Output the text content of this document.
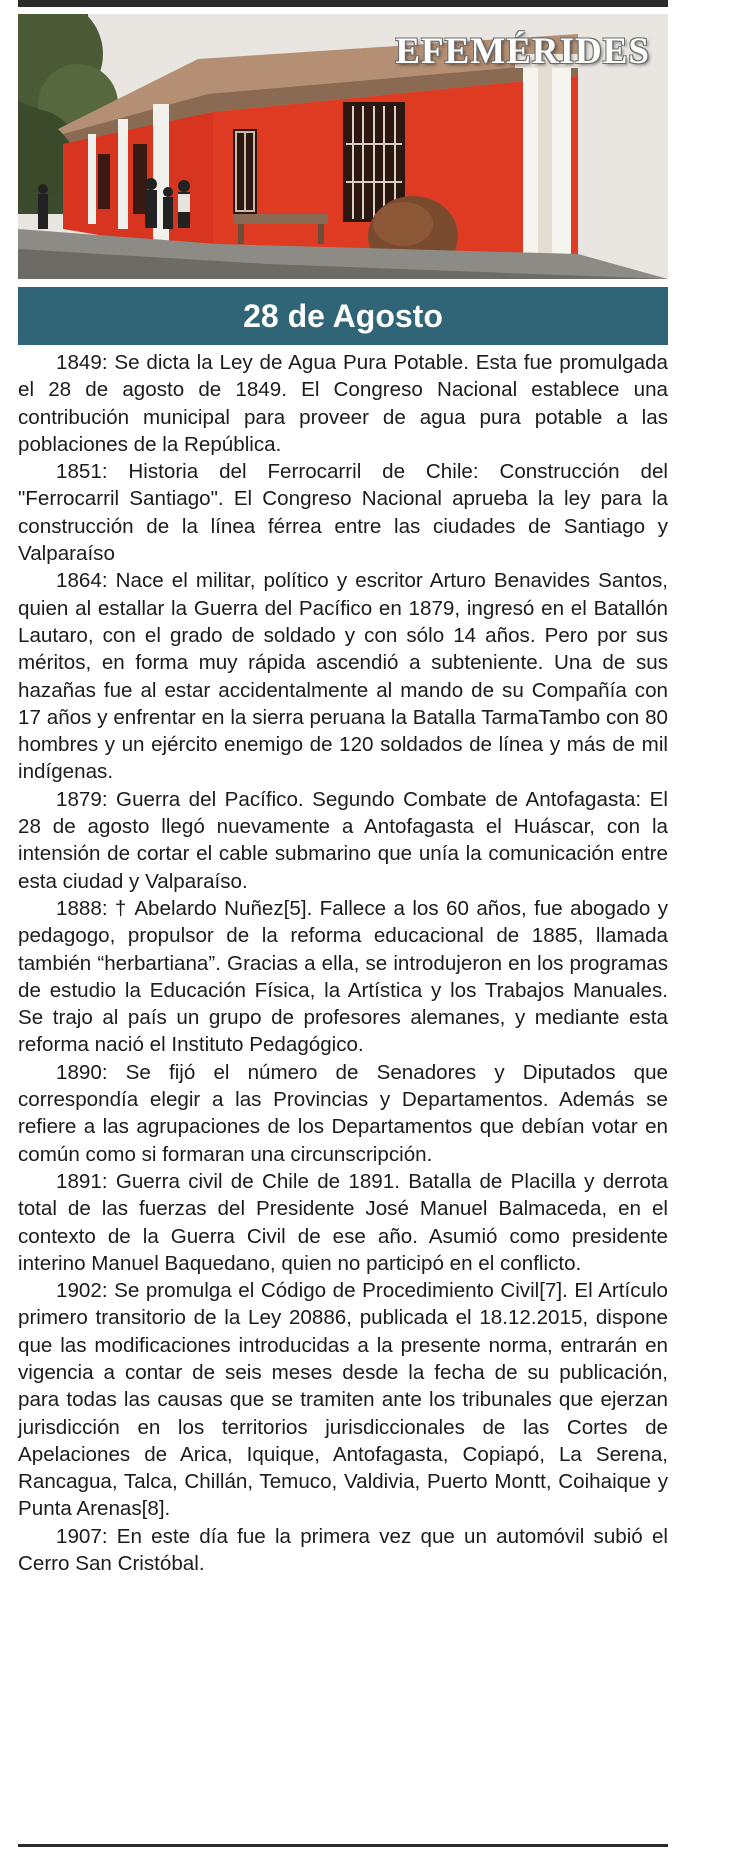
EFEMÉRIDES
28 de Agosto

1849: Se dicta la Ley de Agua Pura Potable. Esta fue promulgada el 28 de agosto de 1849. El Congreso Nacional establece una contribución municipal para proveer de agua pura potable a las poblaciones de la República.

1851: Historia del Ferrocarril de Chile: Construcción del "Ferrocarril Santiago". El Congreso Nacional aprueba la ley para la construcción de la línea férrea entre las ciudades de Santiago y Valparaíso

1864: Nace el militar, político y escritor Arturo Benavides Santos, quien al estallar la Guerra del Pacífico en 1879, ingresó en el Batallón Lautaro, con el grado de soldado y con sólo 14 años. Pero por sus méritos, en forma muy rápida ascendió a subteniente. Una de sus hazañas fue al estar accidentalmente al mando de su Compañía con 17 años y enfrentar en la sierra peruana la Batalla TarmaTambo con 80 hombres y un ejército enemigo de 120 soldados de línea y más de mil indígenas.

1879: Guerra del Pacífico. Segundo Combate de Antofagasta: El 28 de agosto llegó nuevamente a Antofagasta el Huáscar, con la intensión de cortar el cable submarino que unía la comunicación entre esta ciudad y Valparaíso.

1888: † Abelardo Nuñez[5]. Fallece a los 60 años, fue abogado y pedagogo, propulsor de la reforma educacional de 1885, llamada también “herbartiana”. Gracias a ella, se introdujeron en los programas de estudio la Educación Física, la Artística y los Trabajos Manuales. Se trajo al país un grupo de profesores alemanes, y mediante esta reforma nació el Instituto Pedagógico.

1890: Se fijó el número de Senadores y Diputados que correspondía elegir a las Provincias y Departamentos. Además se refiere a las agrupaciones de los Departamentos que debían votar en común como si formaran una circunscripción.

1891: Guerra civil de Chile de 1891. Batalla de Placilla y derrota total de las fuerzas del Presidente José Manuel Balmaceda, en el contexto de la Guerra Civil de ese año. Asumió como presidente interino Manuel Baquedano, quien no participó en el conflicto.

1902: Se promulga el Código de Procedimiento Civil[7]. El Artículo primero transitorio de la Ley 20886, publicada el 18.12.2015, dispone que las modificaciones introducidas a la presente norma, entrarán en vigencia a contar de seis meses desde la fecha de su publicación, para todas las causas que se tramiten ante los tribunales que ejerzan jurisdicción en los territorios jurisdiccionales de las Cortes de Apelaciones de Arica, Iquique, Antofagasta, Copiapó, La Serena, Rancagua, Talca, Chillán, Temuco, Valdivia, Puerto Montt, Coihaique y Punta Arenas[8].

1907: En este día fue la primera vez que un automóvil subió el Cerro San Cristóbal.
